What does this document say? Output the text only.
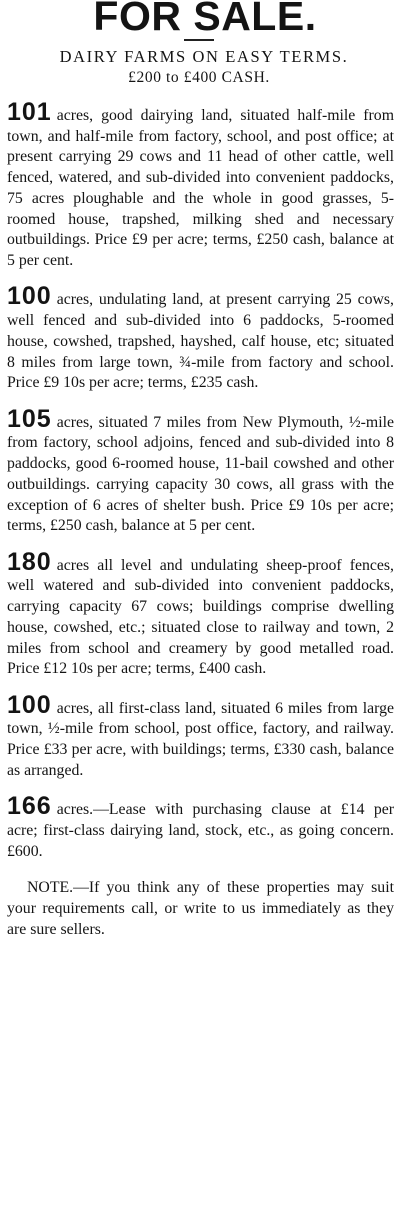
FOR SALE.
DAIRY FARMS ON EASY TERMS.
£200 to £400 CASH.

101 acres, good dairying land, situated half-mile from town, and half-mile from factory, school, and post office; at present carrying 29 cows and 11 head of other cattle, well fenced, watered, and sub-divided into convenient paddocks, 75 acres ploughable and the whole in good grasses, 5-roomed house, trapshed, milking shed and necessary outbuildings. Price £9 per acre; terms, £250 cash, balance at 5 per cent.

100 acres, undulating land, at present carrying 25 cows, well fenced and sub-divided into 6 paddocks, 5-roomed house, cowshed, trapshed, hayshed, calf house, etc; situated 8 miles from large town, ¾-mile from factory and school. Price £9 10s per acre; terms, £235 cash.

105 acres, situated 7 miles from New Plymouth, ½-mile from factory, school adjoins, fenced and sub-divided into 8 paddocks, good 6-roomed house, 11-bail cowshed and other outbuildings. carrying capacity 30 cows, all grass with the exception of 6 acres of shelter bush. Price £9 10s per acre; terms, £250 cash, balance at 5 per cent.

180 acres all level and undulating sheep-proof fences, well watered and sub-divided into convenient paddocks, carrying capacity 67 cows; buildings comprise dwelling house, cowshed, etc.; situated close to railway and town, 2 miles from school and creamery by good metalled road. Price £12 10s per acre; terms, £400 cash.

100 acres, all first-class land, situated 6 miles from large town, ½-mile from school, post office, factory, and railway. Price £33 per acre, with buildings; terms, £330 cash, balance as arranged.

166 acres.—Lease with purchasing clause at £14 per acre; first-class dairying land, stock, etc., as going concern. £600.

NOTE.—If you think any of these properties may suit your requirements call, or write to us immediately as they are sure sellers.
